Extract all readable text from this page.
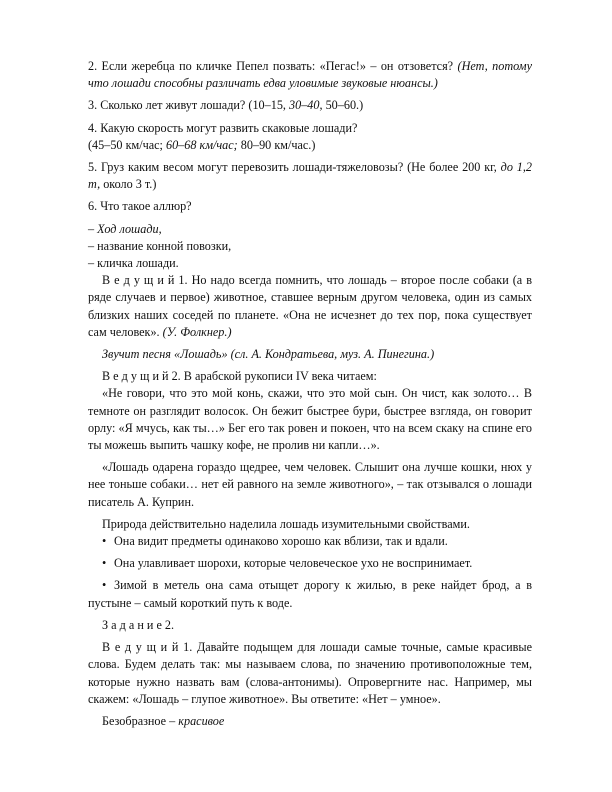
2. Если жеребца по кличке Пепел позвать: «Пегас!» – он отзовется? (Нет, потому что лошади способны различать едва уловимые звуковые нюансы.)

3. Сколько лет живут лошади? (10–15, 30–40, 50–60.)

4. Какую скорость могут развить скаковые лошади?

(45–50 км/час; 60–68 км/час; 80–90 км/час.)

5. Груз каким весом могут перевозить лошади-тяжеловозы? (Не более 200 кг, до 1,2 т, около 3 т.)

6. Что такое аллюр?

– Ход лошади,

– название конной повозки,

– кличка лошади.

В е д у щ и й 1. Но надо всегда помнить, что лошадь – второе после собаки (а в ряде случаев и первое) животное, ставшее верным другом человека, один из самых близких наших соседей по планете. «Она не исчезнет до тех пор, пока существует сам человек». (У. Фолкнер.)

Звучит песня «Лошадь» (сл. А. Кондратьева, муз. А. Пинегина.)

В е д у щ и й 2. В арабской рукописи IV века читаем:

«Не говори, что это мой конь, скажи, что это мой сын. Он чист, как золото… В темноте он разглядит волосок. Он бежит быстрее бури, быстрее взгляда, он говорит орлу: «Я мчусь, как ты…» Бег его так ровен и покоен, что на всем скаку на спине его ты можешь выпить чашку кофе, не пролив ни капли…».

«Лошадь одарена гораздо щедрее, чем человек. Слышит она лучше кошки, нюх у нее тоньше собаки… нет ей равного на земле животного», – так отзывался о лошади писатель А. Куприн.

Природа действительно наделила лошадь изумительными свойствами.

• Она видит предметы одинаково хорошо как вблизи, так и вдали.

• Она улавливает шорохи, которые человеческое ухо не воспринимает.

• Зимой в метель она сама отыщет дорогу к жилью, в реке найдет брод, а в пустыне – самый короткий путь к воде.

З а д а н и е 2.

В е д у щ и й 1. Давайте подыщем для лошади самые точные, самые красивые слова. Будем делать так: мы называем слова, по значению противоположные тем, которые нужно назвать вам (слова-антонимы). Опровергните нас. Например, мы скажем: «Лошадь – глупое животное». Вы ответите: «Нет – умное».

Безобразное – красивое
